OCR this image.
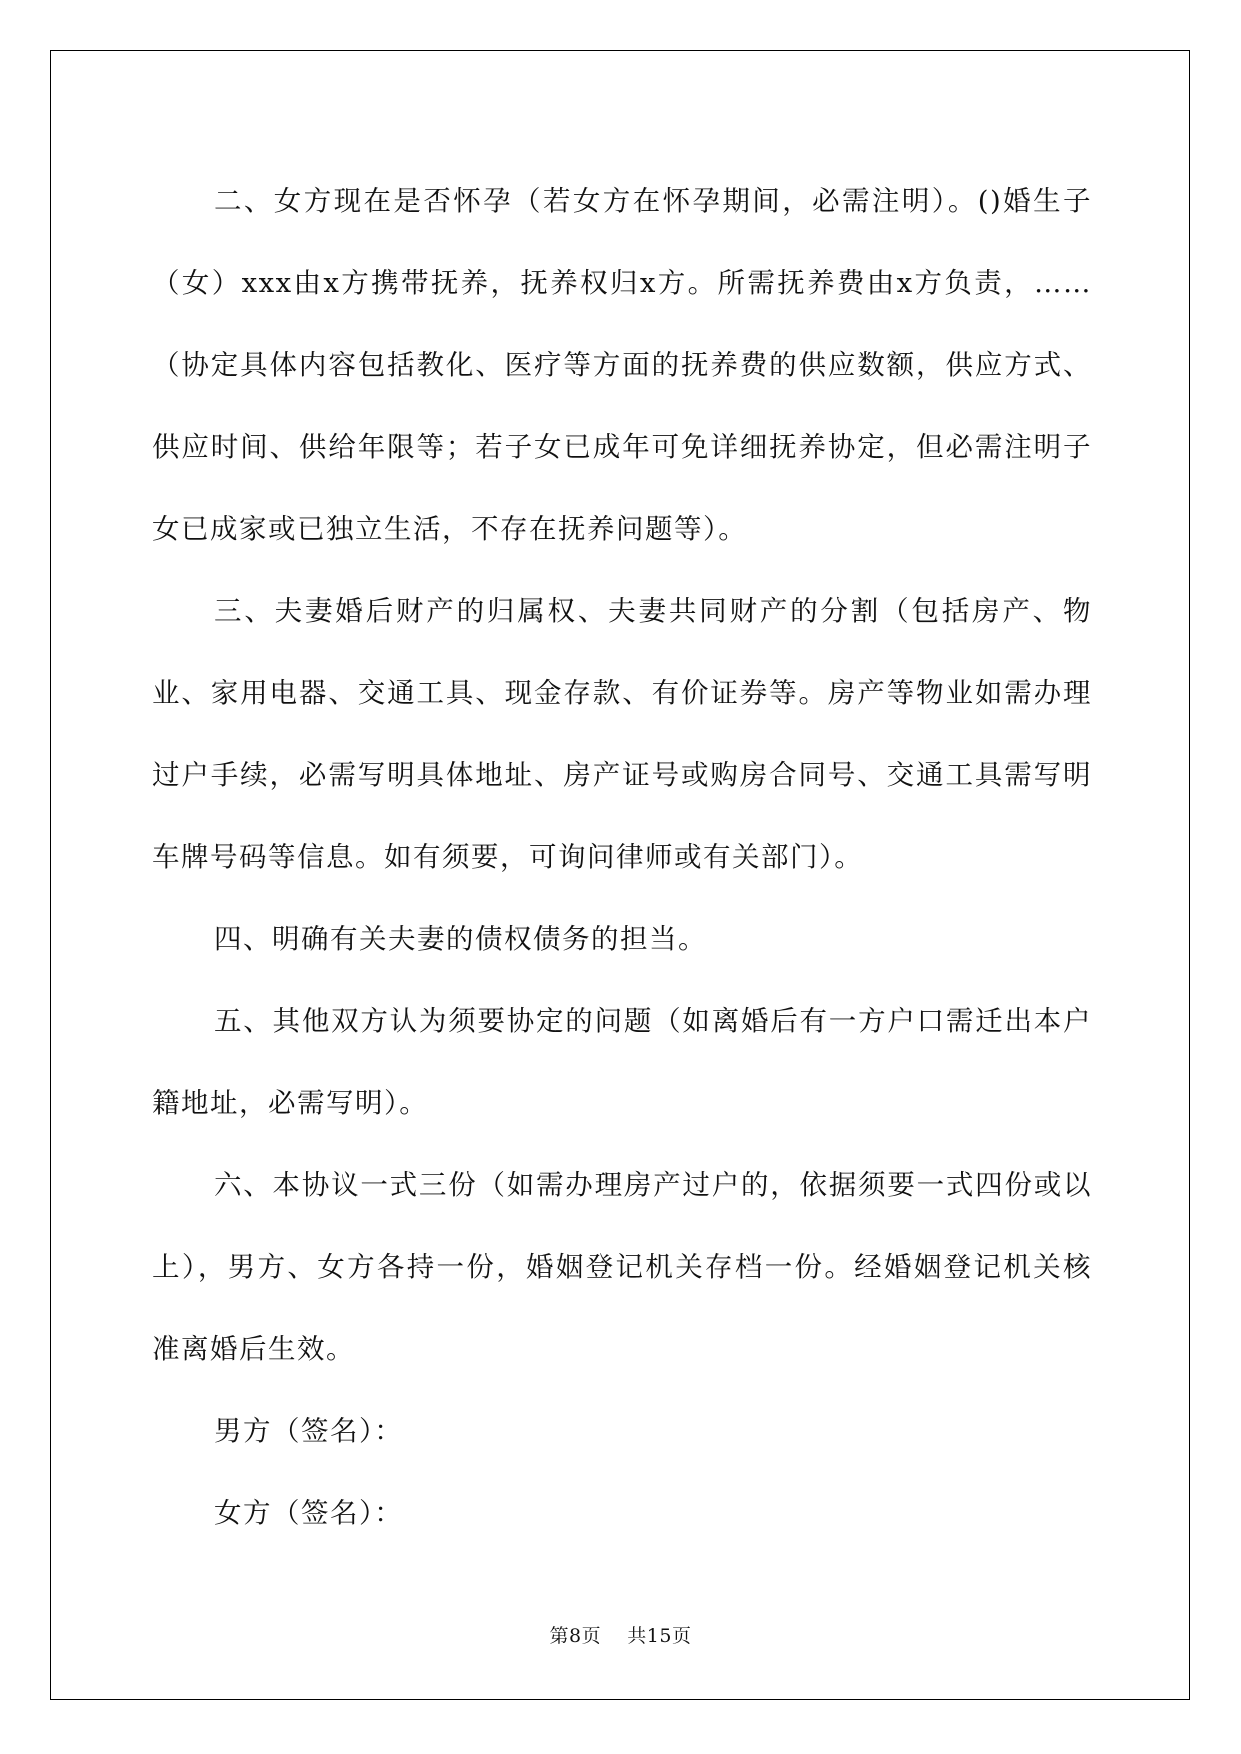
二、女方现在是否怀孕（若女方在怀孕期间，必需注明）。()婚生子（女）xxx由x方携带抚养，抚养权归x方。所需抚养费由x方负责，……（协定具体内容包括教化、医疗等方面的抚养费的供应数额，供应方式、供应时间、供给年限等；若子女已成年可免详细抚养协定，但必需注明子女已成家或已独立生活，不存在抚养问题等）。

三、夫妻婚后财产的归属权、夫妻共同财产的分割（包括房产、物业、家用电器、交通工具、现金存款、有价证券等。房产等物业如需办理过户手续，必需写明具体地址、房产证号或购房合同号、交通工具需写明车牌号码等信息。如有须要，可询问律师或有关部门）。

四、明确有关夫妻的债权债务的担当。

五、其他双方认为须要协定的问题（如离婚后有一方户口需迁出本户籍地址，必需写明）。

六、本协议一式三份（如需办理房产过户的，依据须要一式四份或以上），男方、女方各持一份，婚姻登记机关存档一份。经婚姻登记机关核准离婚后生效。

男方（签名）：

女方（签名）：

第8页 共15页
